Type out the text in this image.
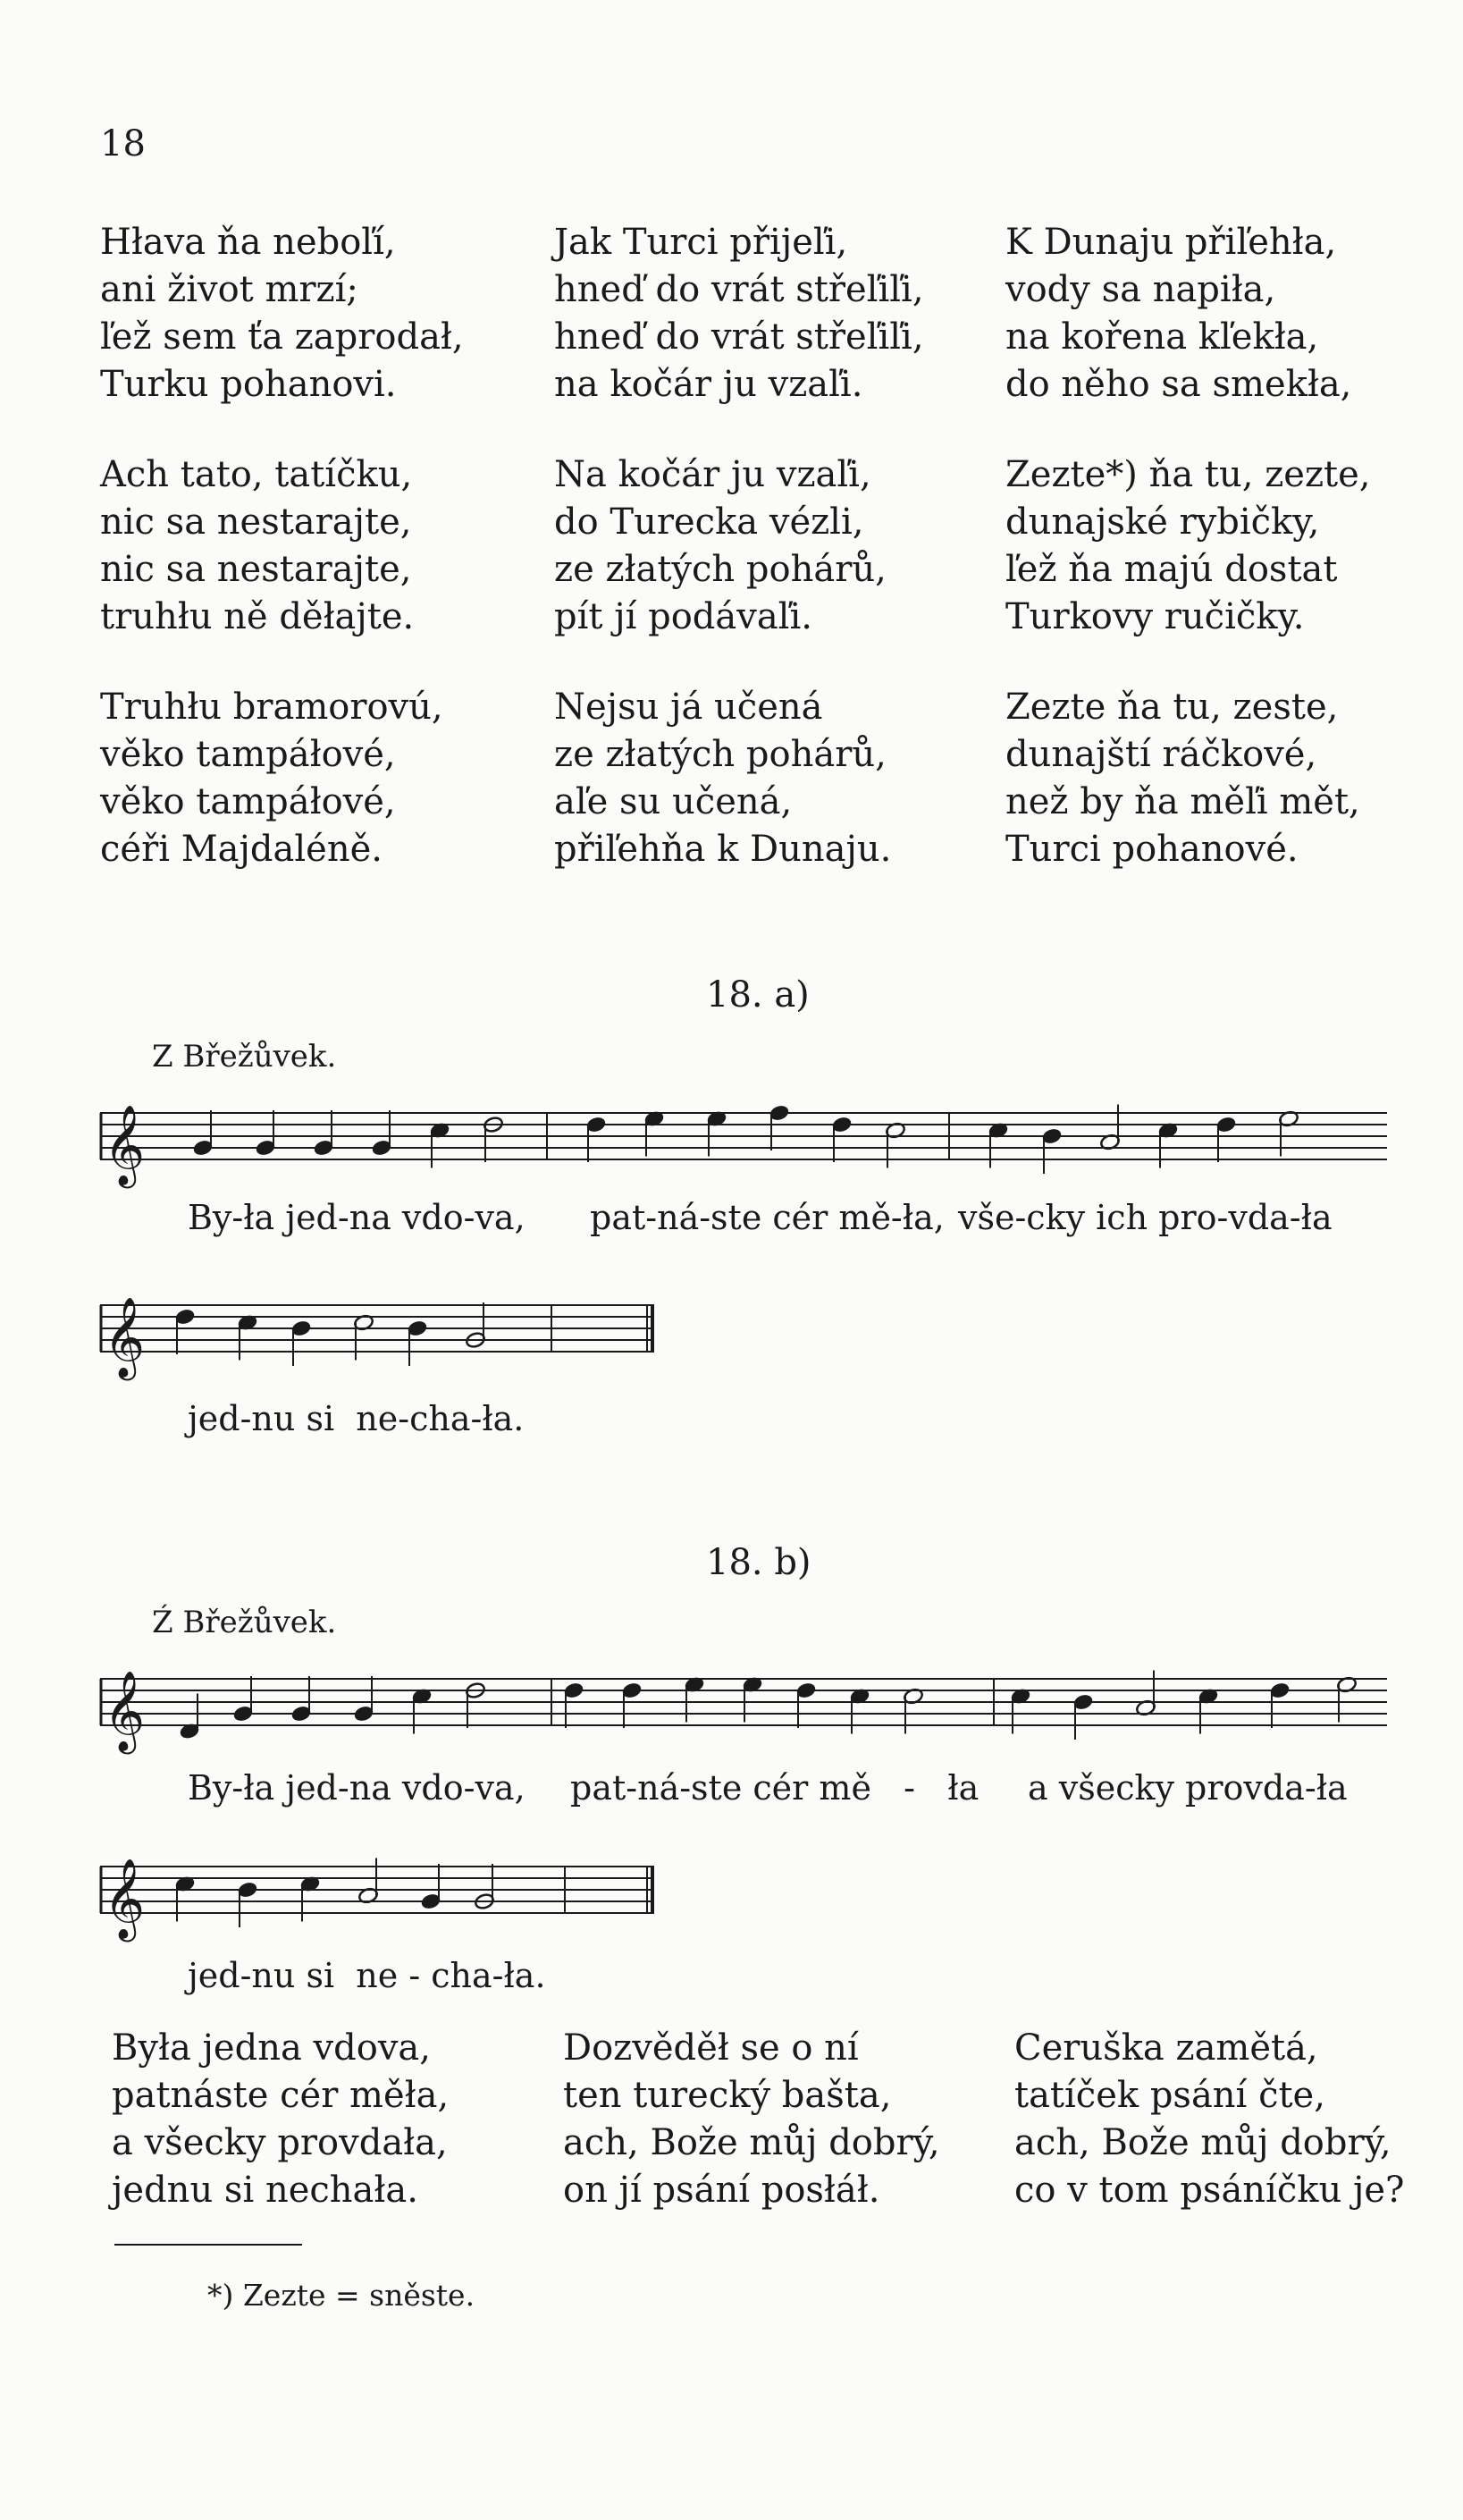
18
Hłava ňa neboľí,
ani život mrzí;
ľež sem ťa zaprodał,
Turku pohanovi.
Jak Turci přijeľi,
hneď do vrát střeľiľi,
hneď do vrát střeľiľi,
na kočár ju vzaľi.
K Dunaju přiľehła,
vody sa napiła,
na kořena kľekła,
do něho sa smekła,
Ach tato, tatíčku,
nic sa nestarajte,
nic sa nestarajte,
truhłu ně děłajte.
Na kočár ju vzaľi,
do Turecka vézli,
ze złatých pohárů,
pít jí podávaľi.
Zezte*) ňa tu, zezte,
dunajské rybičky,
ľež ňa majú dostat
Turkovy ručičky.
Truhłu bramorovú,
věko tampáłové,
věko tampáłové,
céři Majdaléně.
Nejsu já učená
ze złatých pohárů,
aľe su učená,
přiľehňa k Dunaju.
Zezte ňa tu, zeste,
dunajští ráčkové,
než by ňa měľi mět,
Turci pohanové.
18. a)
Z Břežůvek.
𝄞
By-ła jed-na vdo-va, pat-ná-ste cér mě-ła, vše-cky ich pro-vda-ła
𝄞
jed-nu si  ne-cha-ła.
18. b)
Ź Břežůvek.
𝄞
By-ła jed-na vdo-va, pat-ná-ste cér mě   -   ła a všecky provda-ła
𝄞
jed-nu si  ne - cha-ła.
Była jedna vdova,
patnáste cér měła,
a všecky provdała,
jednu si nechała.
Dozvěděł se o ní
ten turecký bašta,
ach, Bože můj dobrý,
on jí psání posłáł.
Ceruška zamětá,
tatíček psání čte,
ach, Bože můj dobrý,
co v tom psáníčku je?
*) Zezte = sněste.
